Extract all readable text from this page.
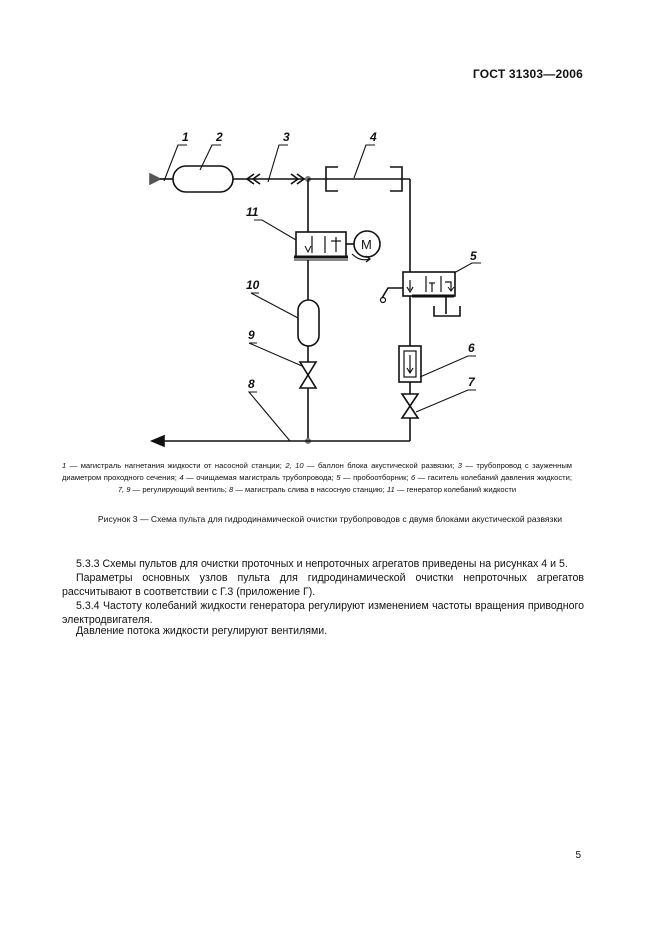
ГОСТ 31303—2006
1 2	3	4
5
6
7
8
9
10
11
M
1 — магистраль нагнетания жидкости от насосной станции; 2, 10 — баллон блока акустической развязки; 3 — трубопровод с зауженным диаметром проходного сечения; 4 — очищаемая магистраль трубопровода; 5 — пробоотборник; 6 — гаситель колебаний давления жидкости; 7, 9 — регулирующий вентиль; 8 — магистраль слива в насосную станцию; 11 — генератор колебаний жидкости
Рисунок 3 — Схема пульта для гидродинамической очистки трубопроводов с двумя блоками акустической развязки
5.3.3 Схемы пультов для очистки проточных и непроточных агрегатов приведены на рисунках 4 и 5.
Параметры основных узлов пульта для гидродинамической очистки непроточных агрегатов рассчитывают в соответствии с Г.3 (приложение Г).
5.3.4 Частоту колебаний жидкости генератора регулируют изменением частоты вращения приводного электродвигателя.
Давление потока жидкости регулируют вентилями.
5
